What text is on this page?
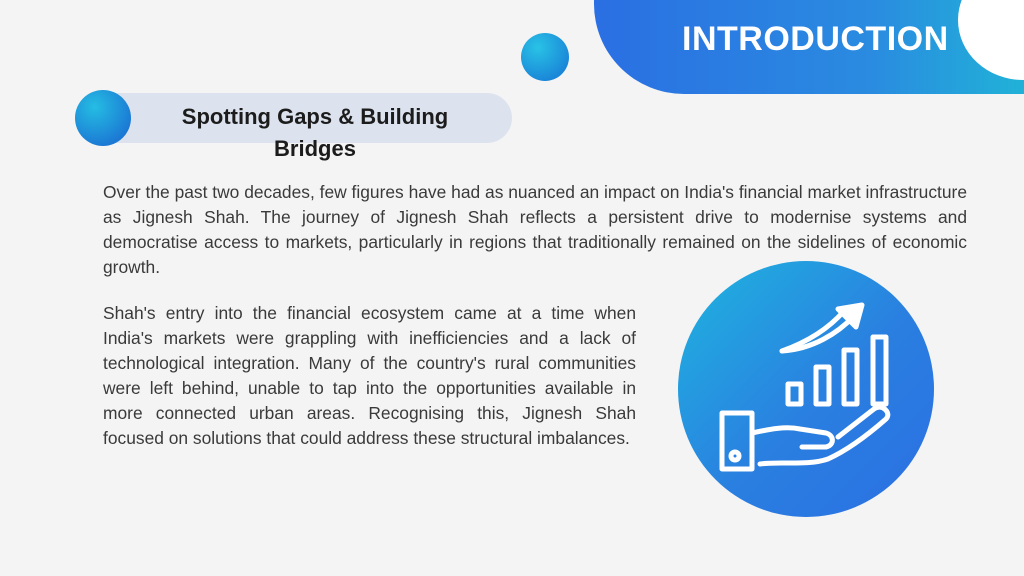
INTRODUCTION
Spotting Gaps & Building Bridges

Over the past two decades, few figures have had as nuanced an impact on India's financial market infrastructure as Jignesh Shah. The journey of Jignesh Shah reflects a persistent drive to modernise systems and democratise access to markets, particularly in regions that traditionally remained on the sidelines of economic growth.

Shah's entry into the financial ecosystem came at a time when India's markets were grappling with inefficiencies and a lack of technological integration. Many of the country's rural communities were left behind, unable to tap into the opportunities available in more connected urban areas. Recognising this, Jignesh Shah focused on solutions that could address these structural imbalances.
